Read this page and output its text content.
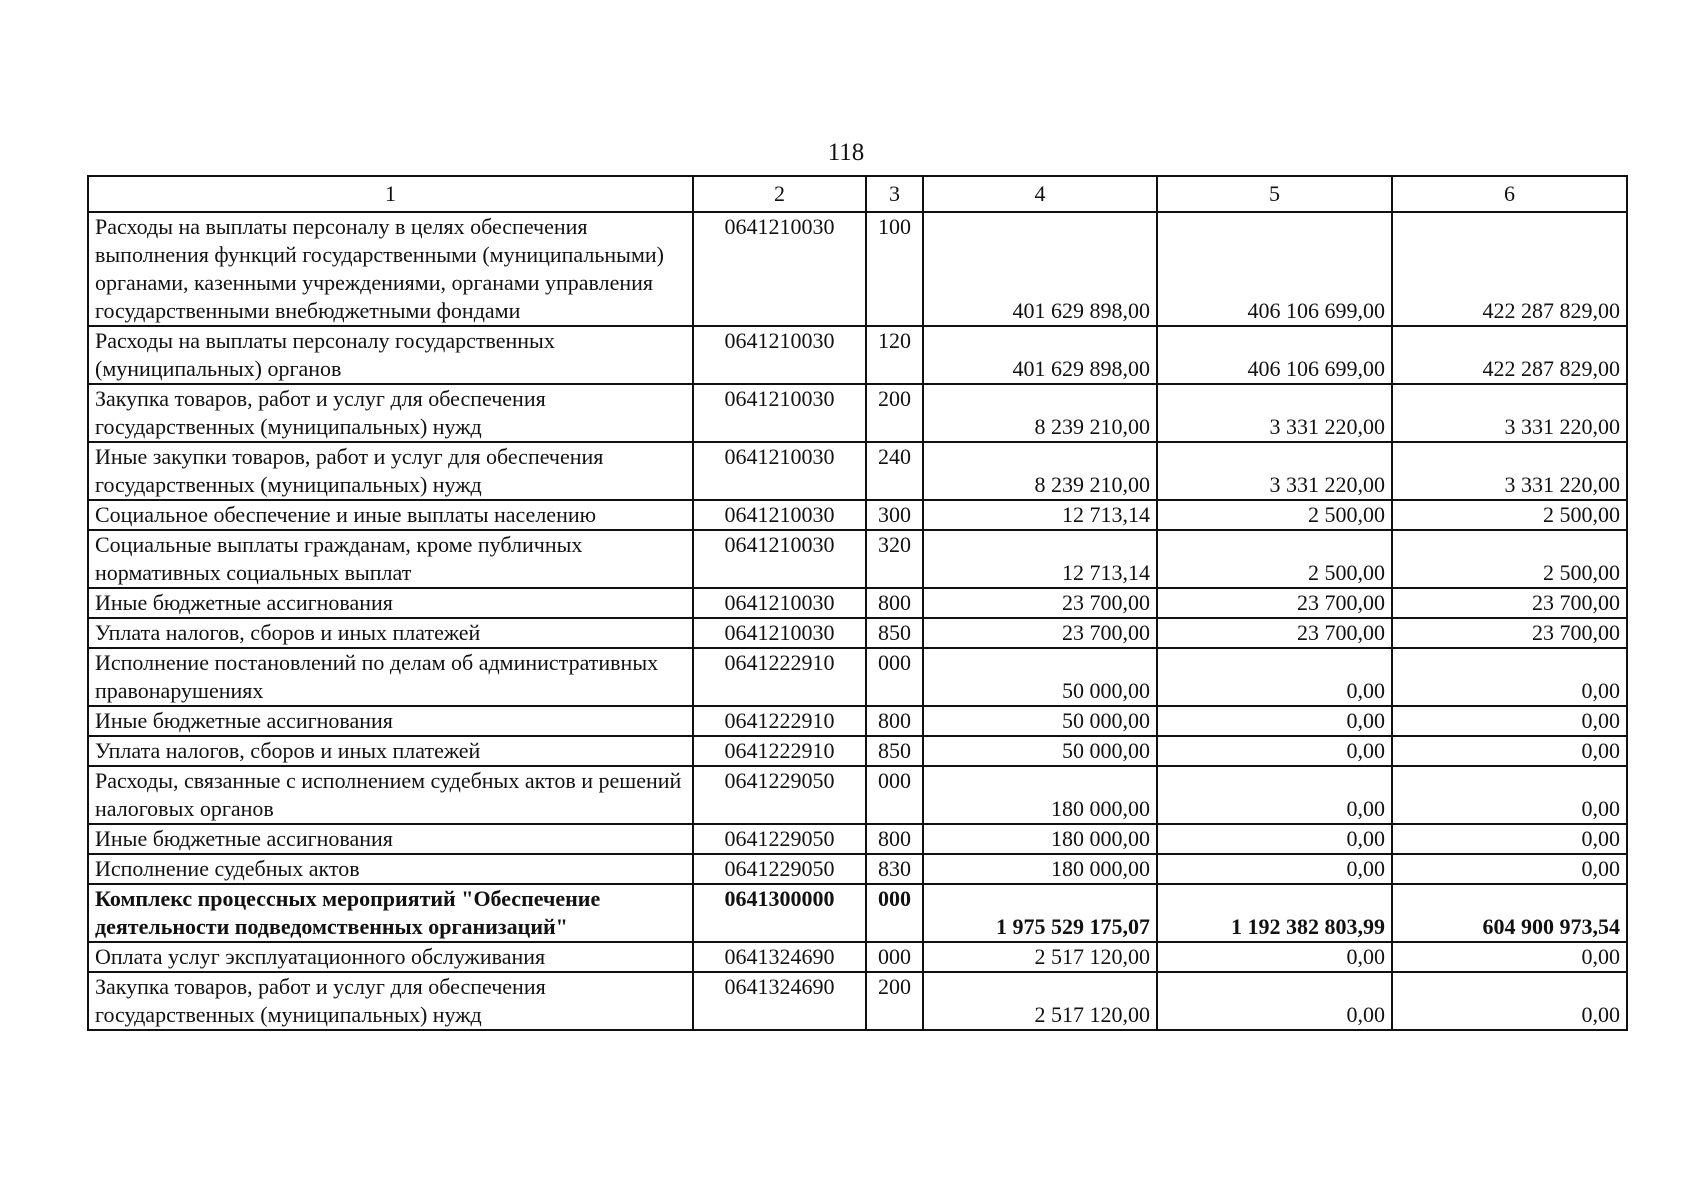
118
1	2	3	4	5	6
Расходы на выплаты персоналу в целях обеспечения выполнения функций государственными (муниципальными) органами, казенными учреждениями, органами управления государственными внебюджетными фондами	0641210030	100	401 629 898,00	406 106 699,00	422 287 829,00
Расходы на выплаты персоналу государственных (муниципальных) органов	0641210030	120	401 629 898,00	406 106 699,00	422 287 829,00
Закупка товаров, работ и услуг для обеспечения государственных (муниципальных) нужд	0641210030	200	8 239 210,00	3 331 220,00	3 331 220,00
Иные закупки товаров, работ и услуг для обеспечения государственных (муниципальных) нужд	0641210030	240	8 239 210,00	3 331 220,00	3 331 220,00
Социальное обеспечение и иные выплаты населению	0641210030	300	12 713,14	2 500,00	2 500,00
Социальные выплаты гражданам, кроме публичных нормативных социальных выплат	0641210030	320	12 713,14	2 500,00	2 500,00
Иные бюджетные ассигнования	0641210030	800	23 700,00	23 700,00	23 700,00
Уплата налогов, сборов и иных платежей	0641210030	850	23 700,00	23 700,00	23 700,00
Исполнение постановлений по делам об административных правонарушениях	0641222910	000	50 000,00	0,00	0,00
Иные бюджетные ассигнования	0641222910	800	50 000,00	0,00	0,00
Уплата налогов, сборов и иных платежей	0641222910	850	50 000,00	0,00	0,00
Расходы, связанные с исполнением судебных актов и решений налоговых органов	0641229050	000	180 000,00	0,00	0,00
Иные бюджетные ассигнования	0641229050	800	180 000,00	0,00	0,00
Исполнение судебных актов	0641229050	830	180 000,00	0,00	0,00
Комплекс процессных мероприятий "Обеспечение деятельности подведомственных организаций"	0641300000	000	1 975 529 175,07	1 192 382 803,99	604 900 973,54
Оплата услуг эксплуатационного обслуживания	0641324690	000	2 517 120,00	0,00	0,00
Закупка товаров, работ и услуг для обеспечения государственных (муниципальных) нужд	0641324690	200	2 517 120,00	0,00	0,00
